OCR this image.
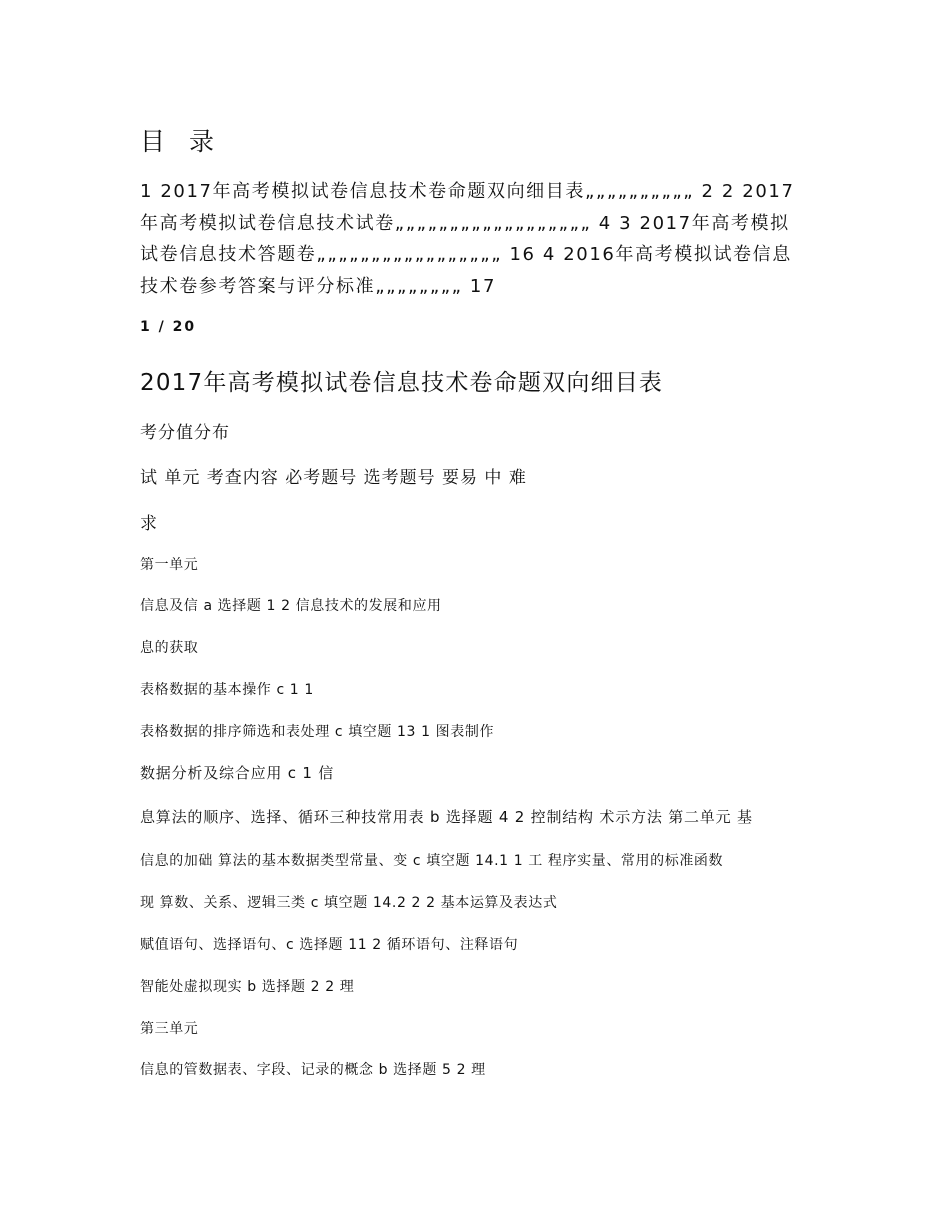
目 录
1 2017年高考模拟试卷信息技术卷命题双向细目表„„„„„„„„„„ 2 2 2017年高考模拟试卷信息技术试卷„„„„„„„„„„„„„„„„„„ 4 3 2017年高考模拟试卷信息技术答题卷„„„„„„„„„„„„„„„„„ 16 4 2016年高考模拟试卷信息技术卷参考答案与评分标准„„„„„„„„ 17
1 / 20
2017年高考模拟试卷信息技术卷命题双向细目表
考分值分布
试 单元 考查内容 必考题号 选考题号 要易 中 难
求
第一单元
信息及信 a 选择题 1 2 信息技术的发展和应用
息的获取
表格数据的基本操作 c 1 1
表格数据的排序筛选和表处理 c 填空题 13 1 图表制作
数据分析及综合应用 c 1 信
息算法的顺序、选择、循环三种技常用表 b 选择题 4 2 控制结构 术示方法 第二单元 基
信息的加础 算法的基本数据类型常量、变 c 填空题 14.1 1 工 程序实量、常用的标准函数
现 算数、关系、逻辑三类 c 填空题 14.2 2 2 基本运算及表达式
赋值语句、选择语句、c 选择题 11 2 循环语句、注释语句
智能处虚拟现实 b 选择题 2 2 理
第三单元
信息的管数据表、字段、记录的概念 b 选择题 5 2 理
